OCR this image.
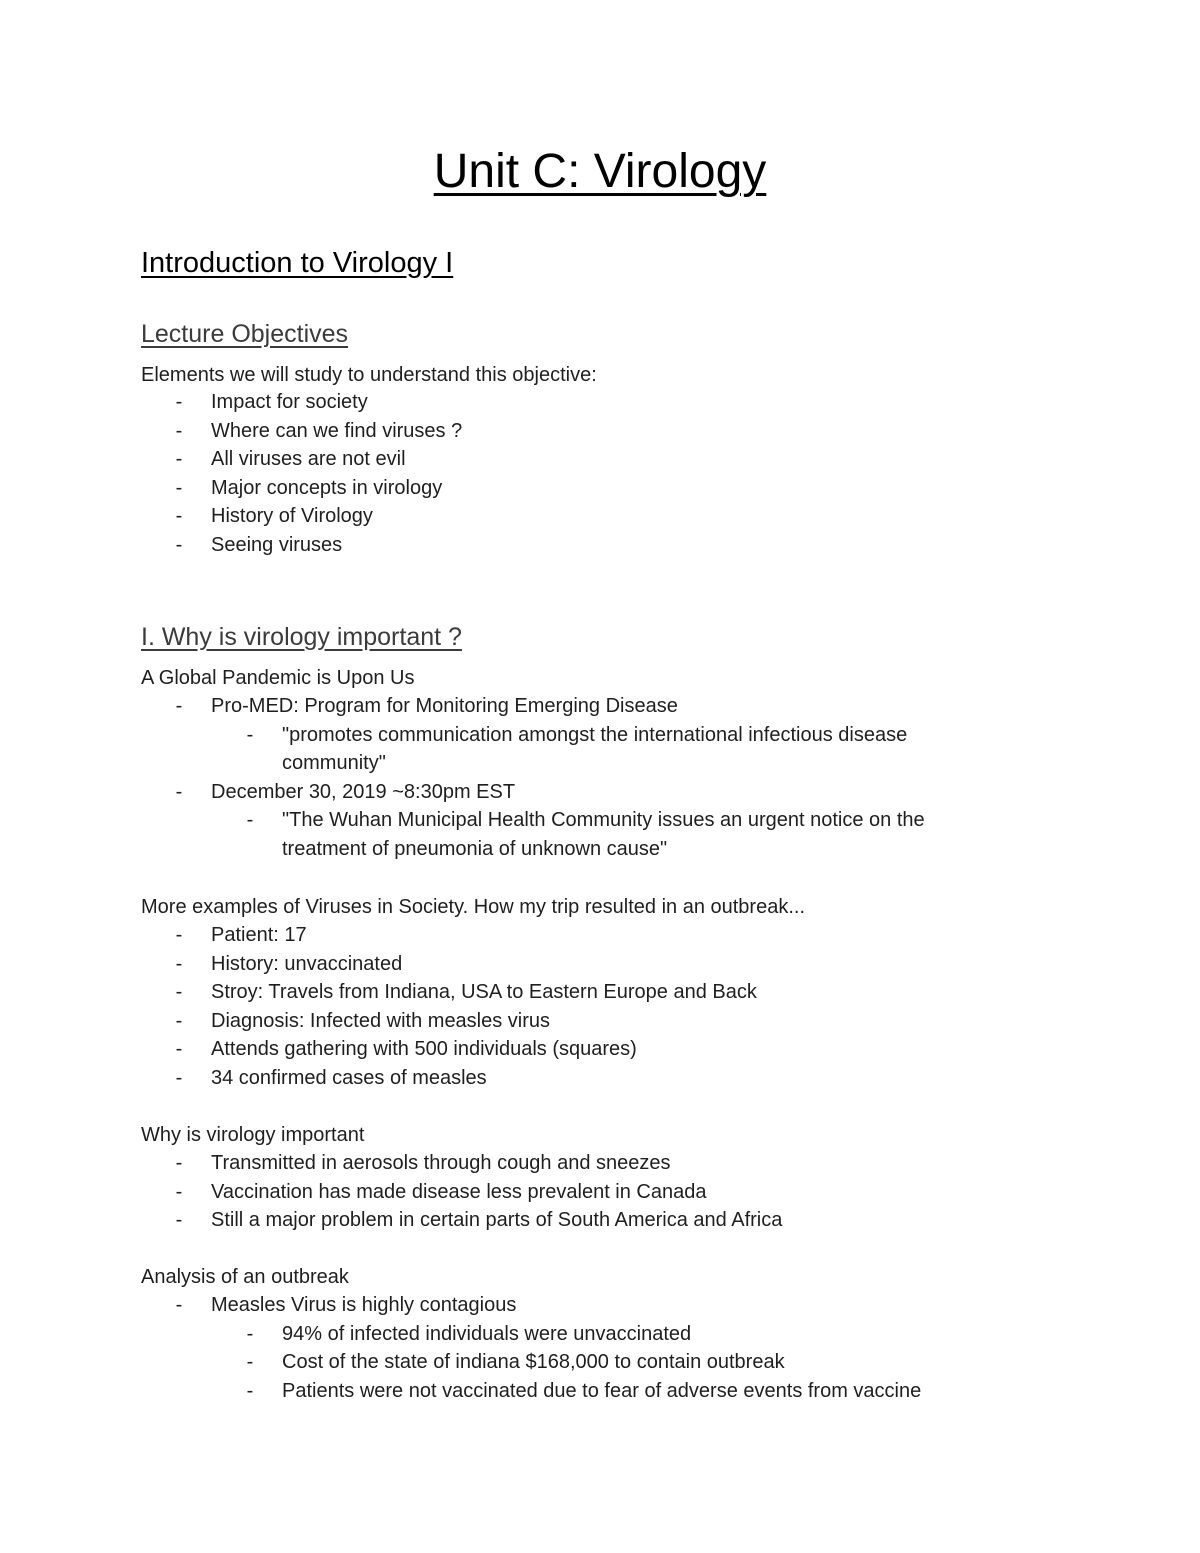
Unit C: Virology
Introduction to Virology I
Lecture Objectives

Elements we will study to understand this objective:

- Impact for society
- Where can we find viruses ?
- All viruses are not evil
- Major concepts in virology
- History of Virology
- Seeing viruses
I. Why is virology important ?

A Global Pandemic is Upon Us

- Pro-MED: Program for Monitoring Emerging Disease
- "promotes communication amongst the international infectious disease community"
- December 30, 2019 ~8:30pm EST
- "The Wuhan Municipal Health Community issues an urgent notice on the treatment of pneumonia of unknown cause"

More examples of Viruses in Society. How my trip resulted in an outbreak...

- Patient: 17
- History: unvaccinated
- Stroy: Travels from Indiana, USA to Eastern Europe and Back
- Diagnosis: Infected with measles virus
- Attends gathering with 500 individuals (squares)
- 34 confirmed cases of measles

Why is virology important

- Transmitted in aerosols through cough and sneezes
- Vaccination has made disease less prevalent in Canada
- Still a major problem in certain parts of South America and Africa

Analysis of an outbreak

- Measles Virus is highly contagious
- 94% of infected individuals were unvaccinated
- Cost of the state of indiana $168,000 to contain outbreak
- Patients were not vaccinated due to fear of adverse events from vaccine
